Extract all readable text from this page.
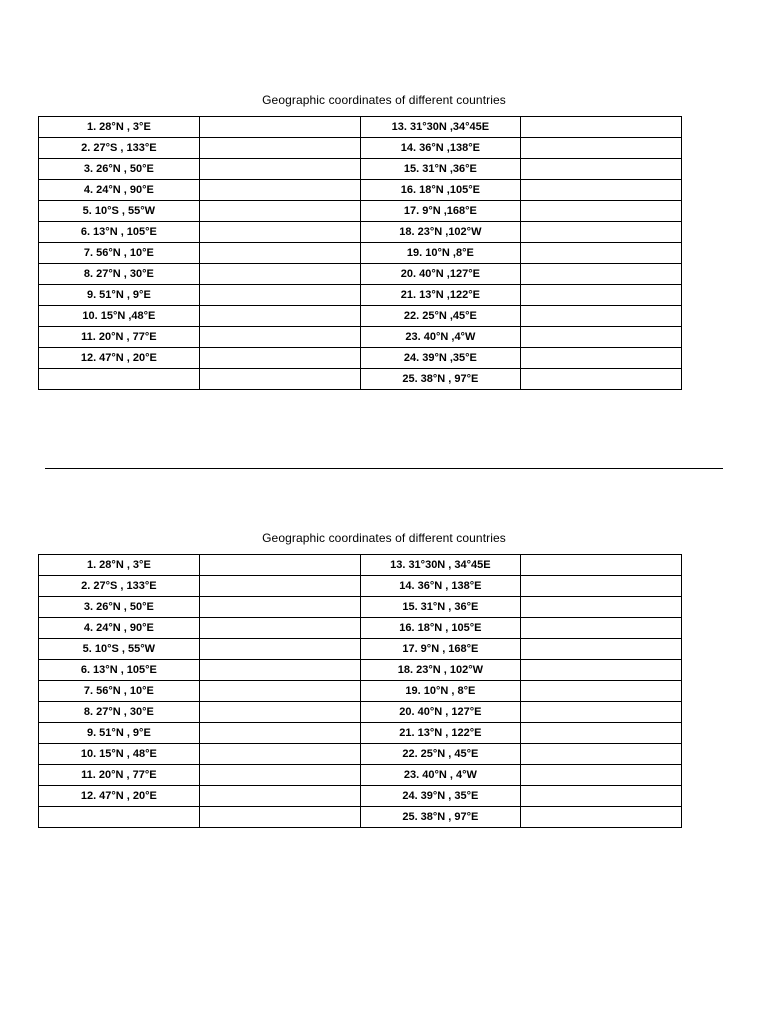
Geographic coordinates of different countries
1. 28°N , 3°E		13. 31°30N ,34°45E	
2. 27°S , 133°E		14. 36°N ,138°E	
3. 26°N , 50°E		15. 31°N ,36°E	
4. 24°N , 90°E		16. 18°N ,105°E	
5. 10°S , 55°W		17. 9°N ,168°E	
6. 13°N , 105°E		18. 23°N ,102°W	
7. 56°N , 10°E		19. 10°N ,8°E	
8. 27°N , 30°E		20. 40°N ,127°E	
9. 51°N , 9°E		21. 13°N ,122°E	
10. 15°N ,48°E		22. 25°N ,45°E	
11. 20°N , 77°E		23. 40°N ,4°W	
12. 47°N , 20°E		24. 39°N ,35°E	
		25. 38°N , 97°E	
Geographic coordinates of different countries
1. 28°N , 3°E		13. 31°30N , 34°45E	
2. 27°S , 133°E		14. 36°N , 138°E	
3. 26°N , 50°E		15. 31°N , 36°E	
4. 24°N , 90°E		16. 18°N , 105°E	
5. 10°S , 55°W		17. 9°N , 168°E	
6. 13°N , 105°E		18. 23°N , 102°W	
7. 56°N , 10°E		19. 10°N , 8°E	
8. 27°N , 30°E		20. 40°N , 127°E	
9. 51°N , 9°E		21. 13°N , 122°E	
10. 15°N , 48°E		22. 25°N , 45°E	
11. 20°N , 77°E		23. 40°N , 4°W	
12. 47°N , 20°E		24. 39°N , 35°E	
		25. 38°N , 97°E	
